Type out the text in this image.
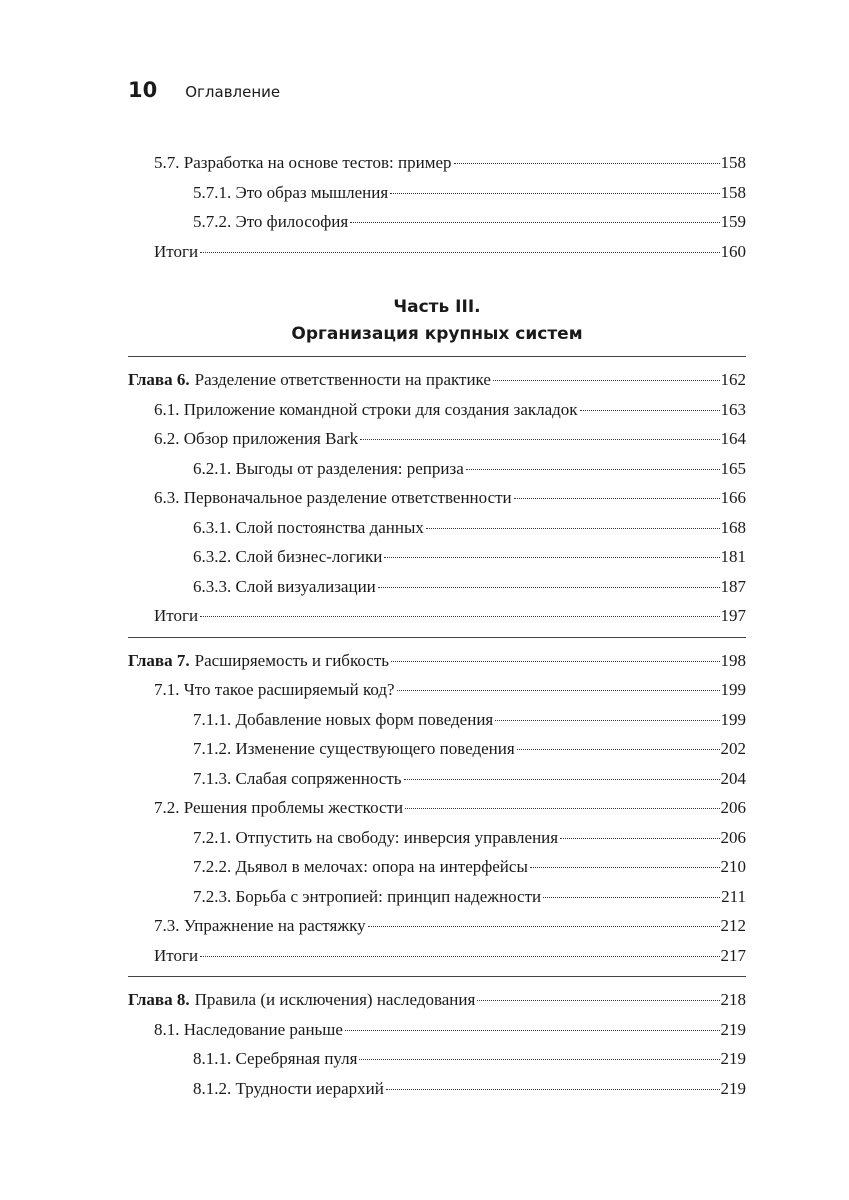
10 Оглавление
5.7. Разработка на основе тестов: пример	158
5.7.1. Это образ мышления	158
5.7.2. Это философия	159
Итоги	160
Часть III.
Организация крупных систем
Глава 6. Разделение ответственности на практике	162
6.1. Приложение командной строки для создания закладок	163
6.2. Обзор приложения Bark	164
6.2.1. Выгоды от разделения: реприза	165
6.3. Первоначальное разделение ответственности	166
6.3.1. Слой постоянства данных	168
6.3.2. Слой бизнес-логики	181
6.3.3. Слой визуализации	187
Итоги	197
Глава 7. Расширяемость и гибкость	198
7.1. Что такое расширяемый код?	199
7.1.1. Добавление новых форм поведения	199
7.1.2. Изменение существующего поведения	202
7.1.3. Слабая сопряженность	204
7.2. Решения проблемы жесткости	206
7.2.1. Отпустить на свободу: инверсия управления	206
7.2.2. Дьявол в мелочах: опора на интерфейсы	210
7.2.3. Борьба с энтропией: принцип надежности	211
7.3. Упражнение на растяжку	212
Итоги	217
Глава 8. Правила (и исключения) наследования	218
8.1. Наследование раньше	219
8.1.1. Серебряная пуля	219
8.1.2. Трудности иерархий	219
